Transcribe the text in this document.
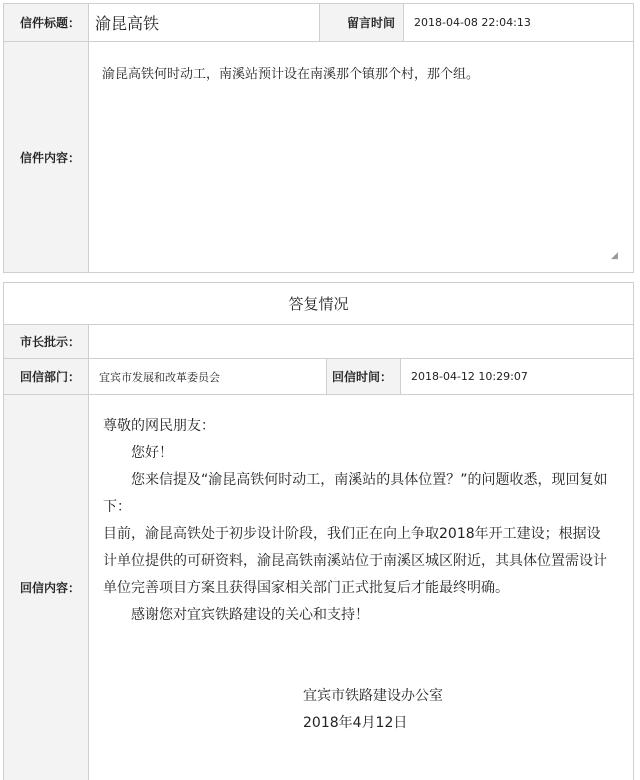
信件标题： 渝昆高铁	留言时间	2018-04-08 22:04:13
信件内容：
渝昆高铁何时动工，南溪站预计设在南溪那个镇那个村，那个组。
◢
答复情况
市长批示：
回信部门：	宜宾市发展和改革委员会	回信时间：	2018-04-12 10:29:07
回信内容：

尊敬的网民朋友：

您好！

您来信提及“渝昆高铁何时动工，南溪站的具体位置？”的问题收悉，现回复如下：

目前，渝昆高铁处于初步设计阶段，我们正在向上争取2018年开工建设；根据设计单位提供的可研资料，渝昆高铁南溪站位于南溪区城区附近，其具体位置需设计单位完善项目方案且获得国家相关部门正式批复后才能最终明确。

感谢您对宜宾铁路建设的关心和支持！

宜宾市铁路建设办公室

2018年4月12日
